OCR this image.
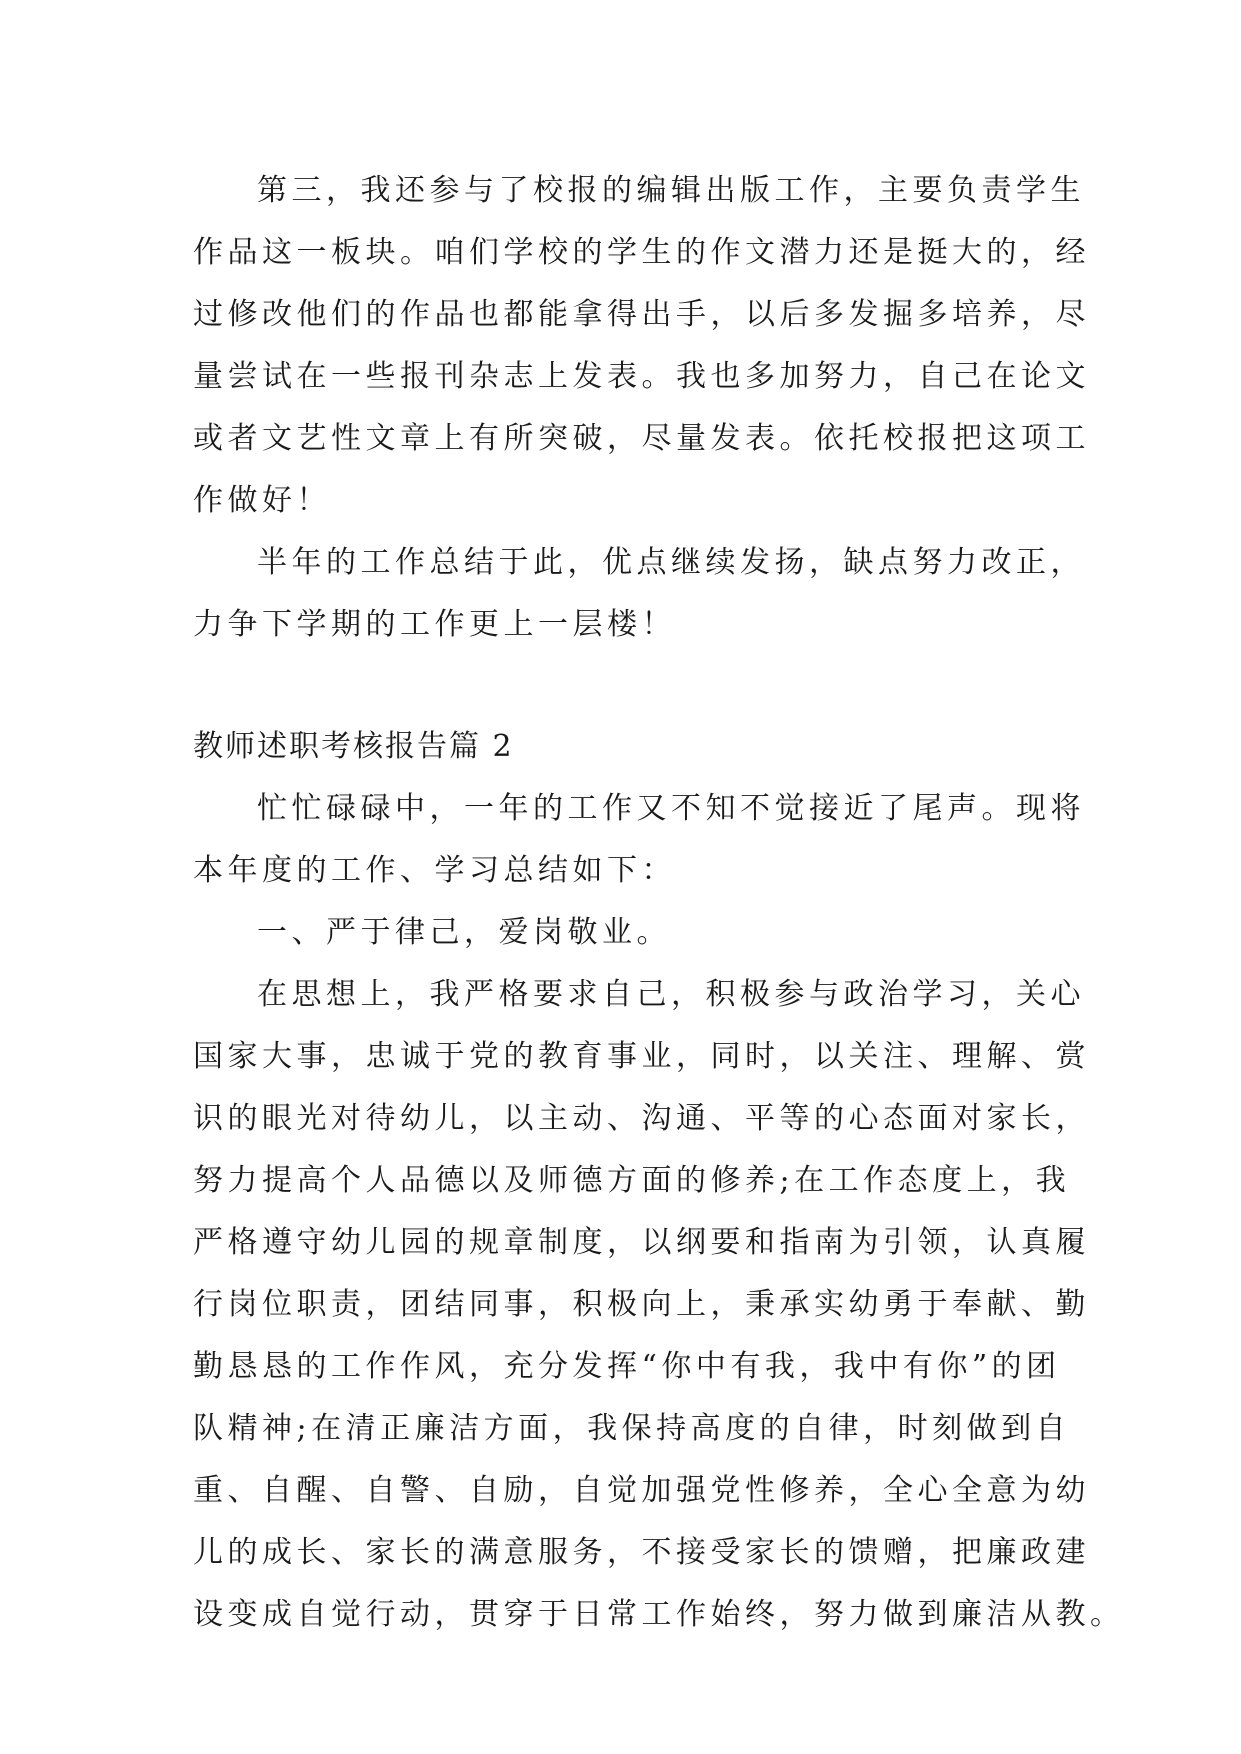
第三，我还参与了校报的编辑出版工作，主要负责学生
作品这一板块。咱们学校的学生的作文潜力还是挺大的，经
过修改他们的作品也都能拿得出手，以后多发掘多培养，尽
量尝试在一些报刊杂志上发表。我也多加努力，自己在论文
或者文艺性文章上有所突破，尽量发表。依托校报把这项工
作做好！
半年的工作总结于此，优点继续发扬，缺点努力改正，
力争下学期的工作更上一层楼！
教师述职考核报告篇 2
忙忙碌碌中，一年的工作又不知不觉接近了尾声。现将
本年度的工作、学习总结如下：
一、严于律己，爱岗敬业。
在思想上，我严格要求自己，积极参与政治学习，关心
国家大事，忠诚于党的教育事业，同时，以关注、理解、赏
识的眼光对待幼儿，以主动、沟通、平等的心态面对家长，
努力提高个人品德以及师德方面的修养;在工作态度上，我
严格遵守幼儿园的规章制度，以纲要和指南为引领，认真履
行岗位职责，团结同事，积极向上，秉承实幼勇于奉献、勤
勤恳恳的工作作风，充分发挥“你中有我，我中有你”的团
队精神;在清正廉洁方面，我保持高度的自律，时刻做到自
重、自醒、自警、自励，自觉加强党性修养，全心全意为幼
儿的成长、家长的满意服务，不接受家长的馈赠，把廉政建
设变成自觉行动，贯穿于日常工作始终，努力做到廉洁从教。
